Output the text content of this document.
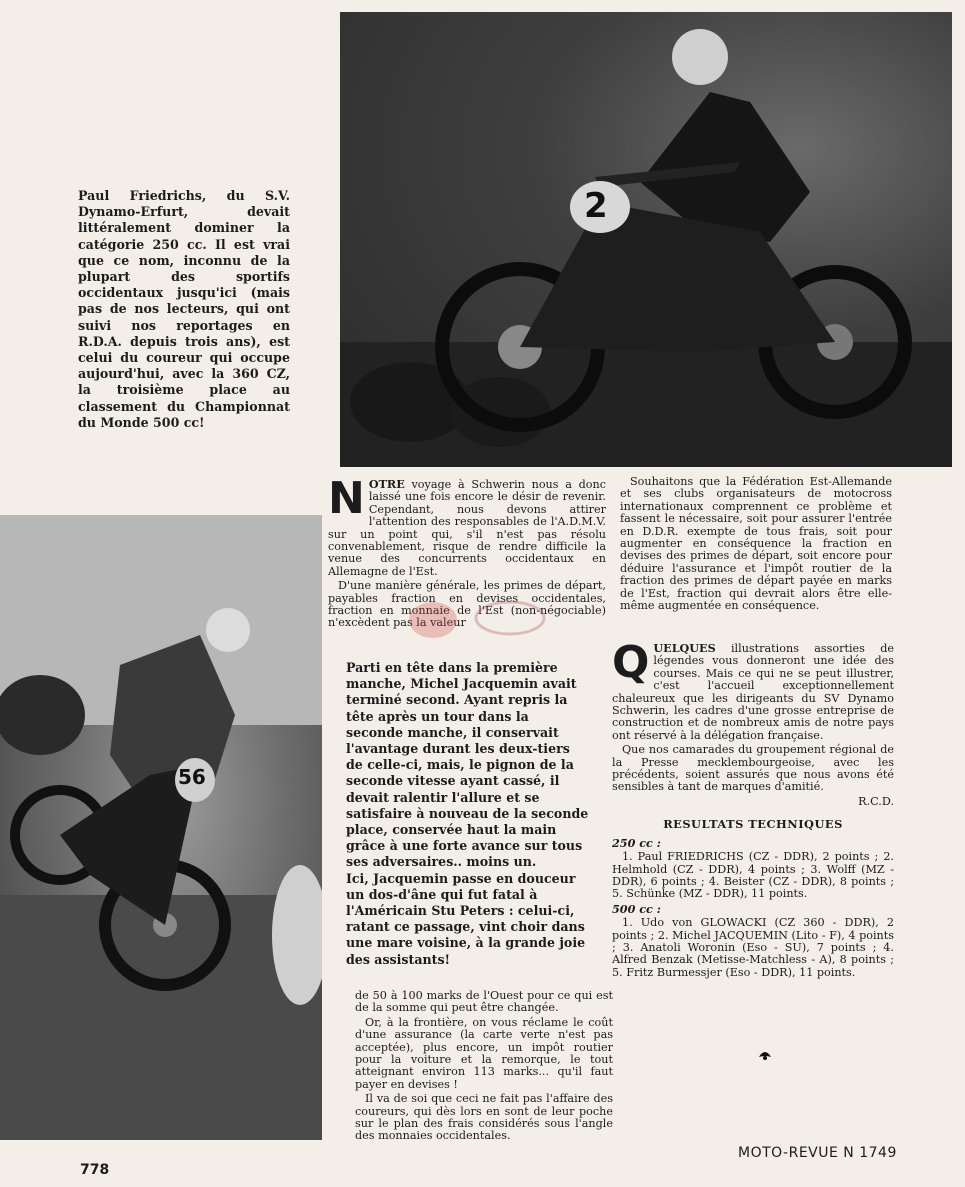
2
56
Paul Friedrichs, du S.V. Dynamo-Erfurt, devait littéralement dominer la catégorie 250 cc. Il est vrai que ce nom, inconnu de la plupart des sportifs occidentaux jusqu'ici (mais pas de nos lecteurs, qui ont suivi nos reportages en R.D.A. depuis trois ans), est celui du coureur qui occupe aujourd'hui, avec la 360 CZ, la troisième place au classement du Championnat du Monde 500 cc!

NOTRE voyage à Schwerin nous a donc laissé une fois encore le désir de revenir. Cependant, nous devons attirer l'attention des responsables de l'A.D.M.V. sur un point qui, s'il n'est pas résolu convenablement, risque de rendre difficile la venue des concurrents occidentaux en Allemagne de l'Est.

D'une manière générale, les primes de départ, payables fraction en devises occidentales, fraction en monnaie de l'Est (non-négociable) n'excèdent pas la valeur

Parti en tête dans la première manche, Michel Jacquemin avait terminé second. Ayant repris la tête après un tour dans la seconde manche, il conservait l'avantage durant les deux-tiers de celle-ci, mais, le pignon de la seconde vitesse ayant cassé, il devait ralentir l'allure et se satisfaire à nouveau de la seconde place, conservée haut la main grâce à une forte avance sur tous ses adversaires.. moins un.
Ici, Jacquemin passe en douceur un dos-d'âne qui fut fatal à l'Américain Stu Peters : celui-ci, ratant ce passage, vint choir dans une mare voisine, à la grande joie des assistants!

Souhaitons que la Fédération Est-Allemande et ses clubs organisateurs de motocross internationaux comprennent ce problème et fassent le nécessaire, soit pour assurer l'entrée en D.D.R. exempte de tous frais, soit pour augmenter en conséquence la fraction en devises des primes de départ, soit encore pour déduire l'assurance et l'impôt routier de la fraction des primes de départ payée en marks de l'Est, fraction qui devrait alors être elle-même augmentée en conséquence.

QUELQUES illustrations assorties de légendes vous donneront une idée des courses. Mais ce qui ne se peut illustrer, c'est l'accueil exceptionnellement chaleureux que les dirigeants du SV Dynamo Schwerin, les cadres d'une grosse entreprise de construction et de nombreux amis de notre pays ont réservé à la délégation française.

Que nos camarades du groupement régional de la Presse mecklembourgeoise, avec les précédents, soient assurés que nous avons été sensibles à tant de marques d'amitié.

R.C.D.
RESULTATS TECHNIQUES

250 cc :

1. Paul FRIEDRICHS (CZ - DDR), 2 points ; 2. Helmhold (CZ - DDR), 4 points ; 3. Wolff (MZ - DDR), 6 points ; 4. Beister (CZ - DDR), 8 points ; 5. Schünke (MZ - DDR), 11 points.

500 cc :

1. Udo von GLOWACKI (CZ 360 - DDR), 2 points ; 2. Michel JACQUEMIN (Lito - F), 4 points ; 3. Anatoli Woronin (Eso - SU), 7 points ; 4. Alfred Benzak (Metisse-Matchless - A), 8 points ; 5. Fritz Burmessjer (Eso - DDR), 11 points.

de 50 à 100 marks de l'Ouest pour ce qui est de la somme qui peut être changée.

Or, à la frontière, on vous réclame le coût d'une assurance (la carte verte n'est pas acceptée), plus encore, un impôt routier pour la voiture et la remorque, le tout atteignant environ 113 marks... qu'il faut payer en devises !

Il va de soi que ceci ne fait pas l'affaire des coureurs, qui dès lors en sont de leur poche sur le plan des frais considérés sous l'angle des monnaies occidentales.

778
MOTO-REVUE N 1749
